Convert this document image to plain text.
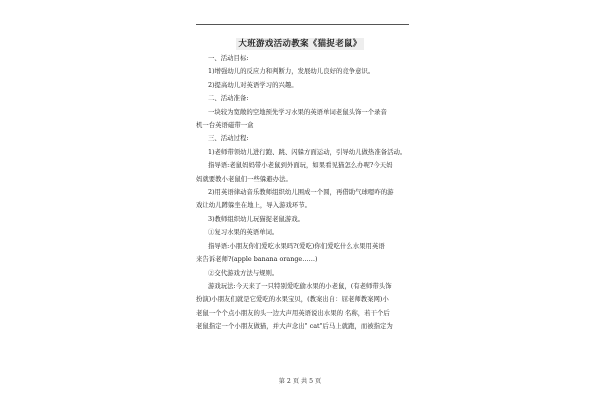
大班游戏活动教案《猫捉老鼠》
一、活动目标:
1)增强幼儿的反应力和判断力，发展幼儿良好的竞争意识。
2)提高幼儿对英语学习的兴趣。
二、活动准备:
一块较为宽敞的空地预先学习水果的英语单词老鼠头饰一个录音
机一台英语磁带一盒
三、活动过程:
1)老师带领幼儿进行跑、跳、闪躲方面运动，引导幼儿做热准备活动。
指导语:老鼠妈妈带小老鼠到外面玩，如果看见猫怎么办呢?今天妈
妈就要教小老鼠们一些躲避办法。
2)用英语律动音乐教师组织幼儿围成一个圆，再借助气球嗯咋的游
戏让幼儿蹲躲坐在地上，导入游戏环节。
3)教师组织幼儿玩猫捉老鼠游戏。
①复习水果的英语单词。
指导语:小朋友你们爱吃水果吗?(爱吃)你们爱吃什么水果用英语
来告诉老师?(apple banana orange……)
②交代游戏方法与规则。
游戏玩法:今天来了一只特别爱吃偷水果的小老鼠，(有老师带头饰
扮演)小朋友们就是它爱吃的水果宝贝，(教案出自：屈老师教案网)小
老鼠一个个点小朋友的头一边大声用英语说出水果的 名称，若干个后
老鼠指定一个小朋友做猫，并大声念出" cat"后马上就跑，而被指定为
第 2 页 共 5 页
